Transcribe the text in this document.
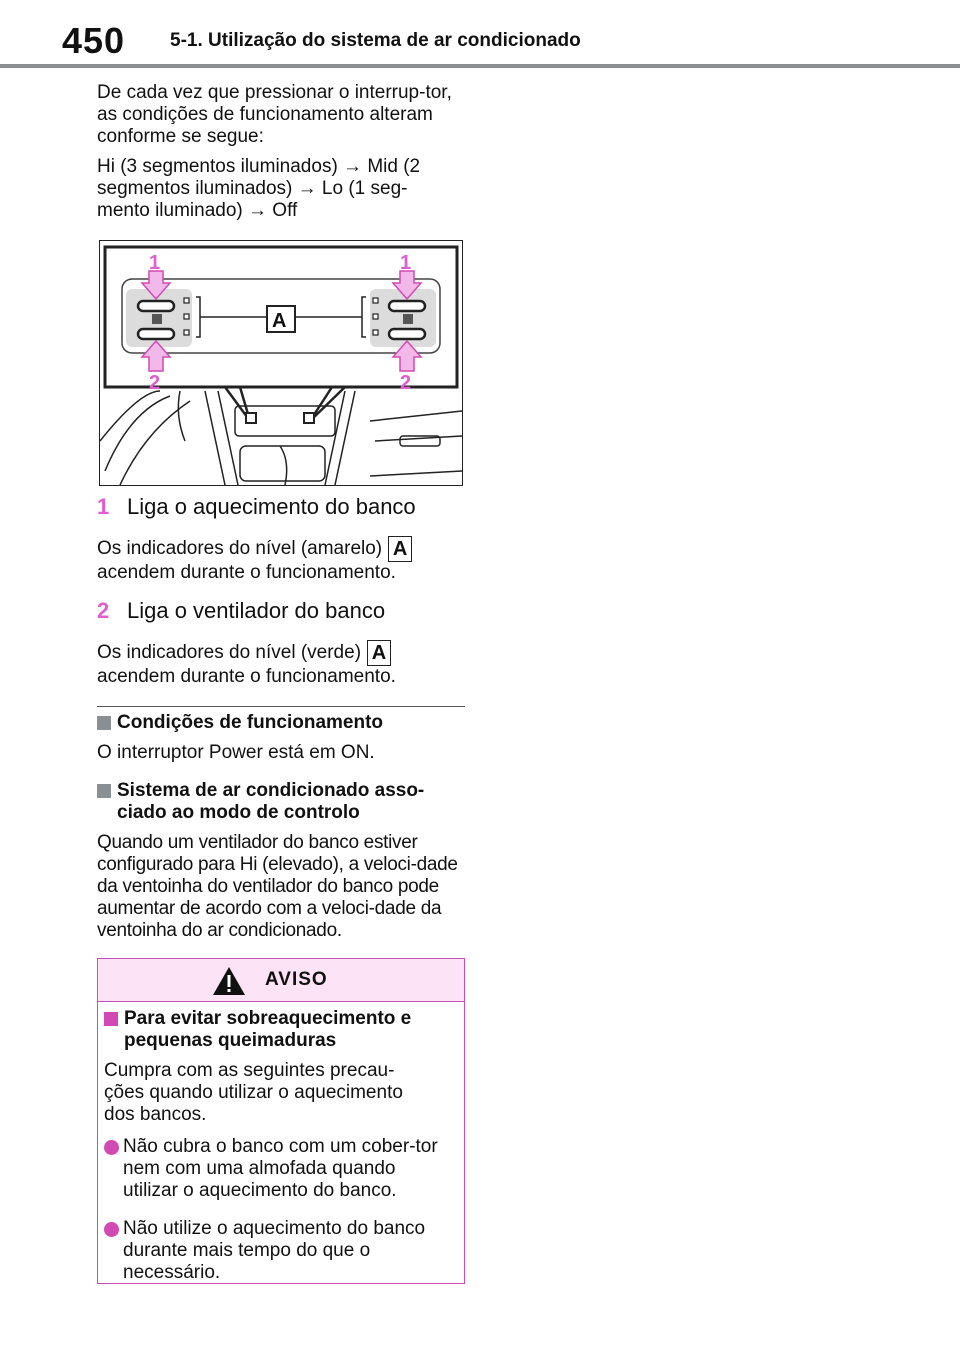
450 5-1. Utilização do sistema de ar condicionado

De cada vez que pressionar o interrup-tor, as condições de funcionamento alteram conforme se segue:

Hi (3 segmentos iluminados) → Mid (2 segmentos iluminados) → Lo (1 seg-mento iluminado) → Off

1	1
2	2
A
1 Liga o aquecimento do banco

Os indicadores do nível (amarelo) A
acendem durante o funcionamento.

2 Liga o ventilador do banco

Os indicadores do nível (verde) A
acendem durante o funcionamento.

Condições de funcionamento

O interruptor Power está em ON.

Sistema de ar condicionado asso-ciado ao modo de controlo

Quando um ventilador do banco estiver configurado para Hi (elevado), a veloci-dade da ventoinha do ventilador do banco pode aumentar de acordo com a veloci-dade da ventoinha do ar condicionado.

AVISO
Para evitar sobreaquecimento e pequenas queimaduras

Cumpra com as seguintes precau-ções quando utilizar o aquecimento dos bancos.

Não cubra o banco com um cober-tor nem com uma almofada quando utilizar o aquecimento do banco.

Não utilize o aquecimento do banco durante mais tempo do que o necessário.
